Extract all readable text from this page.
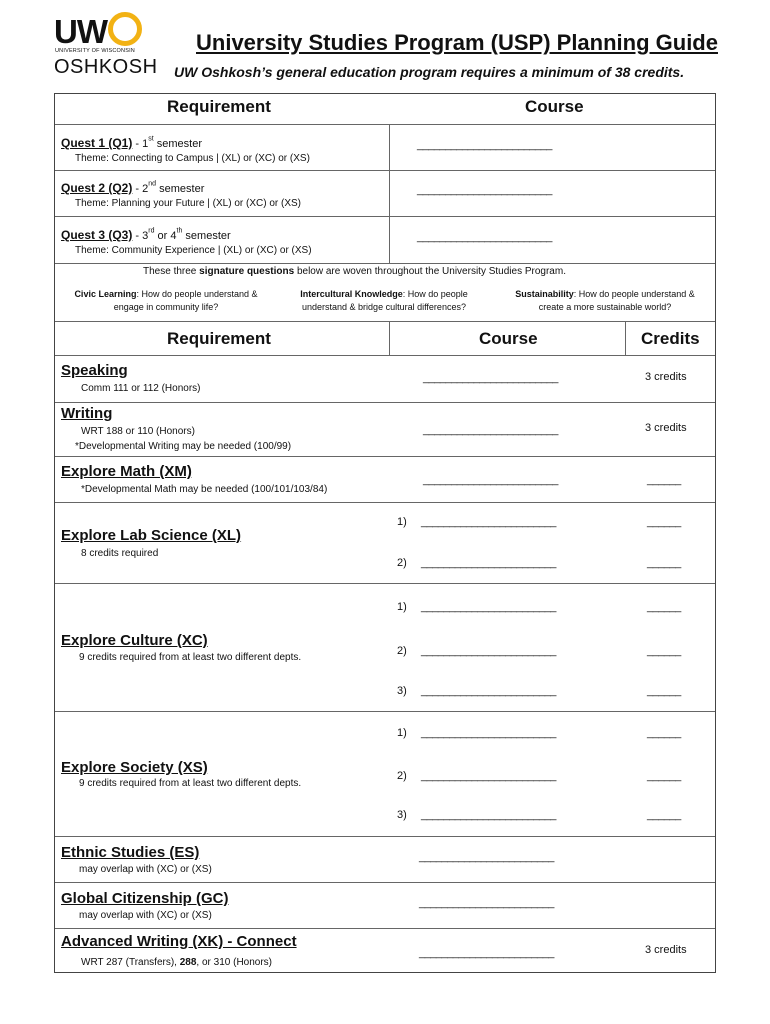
UW
UNIVERSITY OF WISCONSIN
OSHKOSH
University Studies Program (USP) Planning Guide
UW Oshkosh’s general education program requires a minimum of 38 credits.
Requirement	Course
Quest 1 (Q1) - 1st semester
Theme: Connecting to Campus | (XL) or (XC) or (XS)
________________________
Quest 2 (Q2) - 2nd semester
Theme: Planning your Future | (XL) or (XC) or (XS)
________________________
Quest 3 (Q3) - 3rd or 4th semester
Theme: Community Experience | (XL) or (XC) or (XS)
________________________
These three signature questions below are woven throughout the University Studies Program.
Civic Learning: How do people understand &
engage in community life?
Intercultural Knowledge: How do people
understand & bridge cultural differences?
Sustainability: How do people understand &
create a more sustainable world?
Requirement	Course	Credits
Speaking
Comm 111 or 112 (Honors)
________________________	3 credits
Writing
WRT 188 or 110 (Honors)
*Developmental Writing may be needed (100/99)
________________________	3 credits
Explore Math (XM)
*Developmental Math may be needed (100/101/103/84)
________________________	______
Explore Lab Science (XL)
8 credits required
1) ________________________	______
2) ________________________	______
Explore Culture (XC)
9 credits required from at least two different depts.
1) ________________________	______
2) ________________________	______
3) ________________________	______
Explore Society (XS)
9 credits required from at least two different depts.
1) ________________________	______
2) ________________________	______
3) ________________________	______
Ethnic Studies (ES)
may overlap with (XC) or (XS)
________________________
Global Citizenship (GC)
may overlap with (XC) or (XS)
________________________
Advanced Writing (XK) - Connect
WRT 287 (Transfers), 288, or 310 (Honors)
________________________	3 credits
